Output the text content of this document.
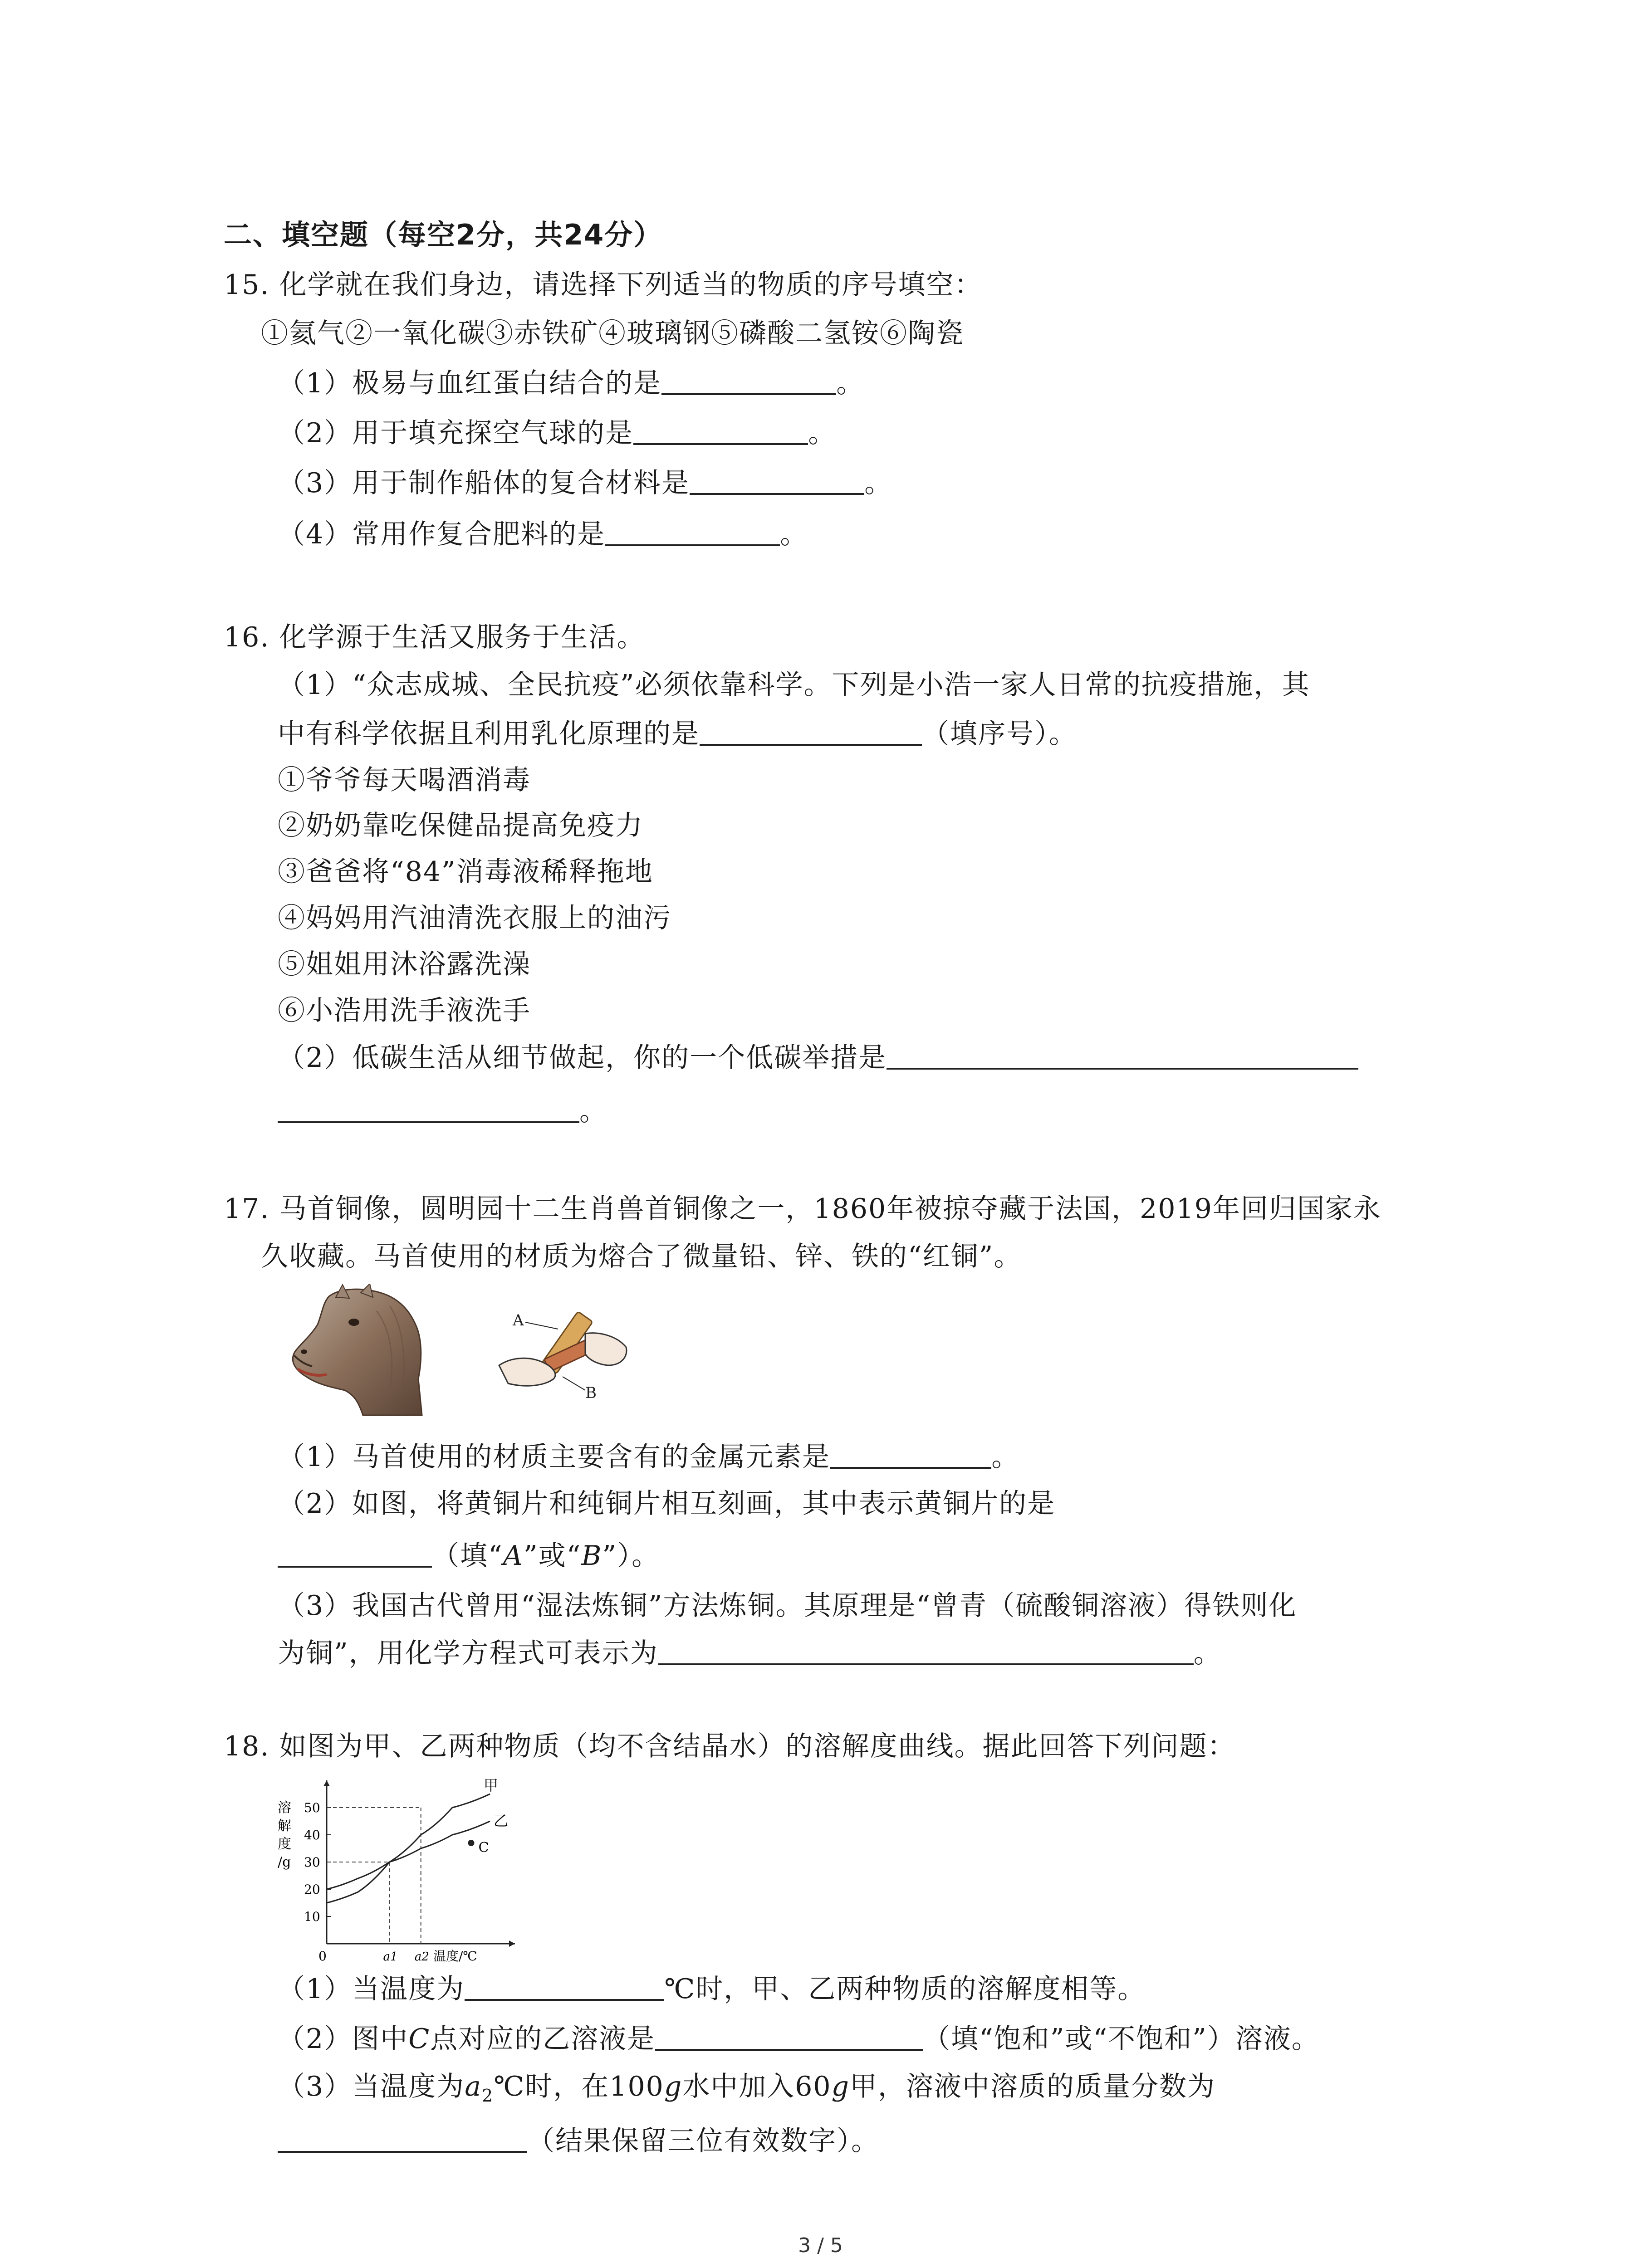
二、填空题（每空2分，共24分）
15. 化学就在我们身边，请选择下列适当的物质的序号填空：
①氦气②一氧化碳③赤铁矿④玻璃钢⑤磷酸二氢铵⑥陶瓷
（1）极易与血红蛋白结合的是	。
（2）用于填充探空气球的是	。
（3）用于制作船体的复合材料是	。
（4）常用作复合肥料的是	。
16. 化学源于生活又服务于生活。
（1）“众志成城、全民抗疫”必须依靠科学。下列是小浩一家人日常的抗疫措施，其
中有科学依据且利用乳化原理的是	（填序号）。
①爷爷每天喝酒消毒
②奶奶靠吃保健品提高免疫力
③爸爸将“84”消毒液稀释拖地
④妈妈用汽油清洗衣服上的油污
⑤姐姐用沐浴露洗澡
⑥小浩用洗手液洗手
（2）低碳生活从细节做起，你的一个低碳举措是
。
17. 马首铜像，圆明园十二生肖兽首铜像之一，1860年被掠夺藏于法国，2019年回归国家永
久收藏。马首使用的材质为熔合了微量铅、锌、铁的“红铜”。
A
B
（1）马首使用的材质主要含有的金属元素是	。
（2）如图，将黄铜片和纯铜片相互刻画，其中表示黄铜片的是
（填“A”或“B”）。
（3）我国古代曾用“湿法炼铜”方法炼铜。其原理是“曾青（硫酸铜溶液）得铁则化
为铜”，用化学方程式可表示为	。
18. 如图为甲、乙两种物质（均不含结晶水）的溶解度曲线。据此回答下列问题：
溶
解
度
/g
0
10
20
30
40
50
a1 a2 温度/℃
甲
乙
C
（1）当温度为	℃时，甲、乙两种物质的溶解度相等。
（2）图中C点对应的乙溶液是	（填“饱和”或“不饱和”）溶液。
（3）当温度为$a_2℃$时，在100g水中加入60g甲，溶液中溶质的质量分数为
（结果保留三位有效数字）。
3 / 5
